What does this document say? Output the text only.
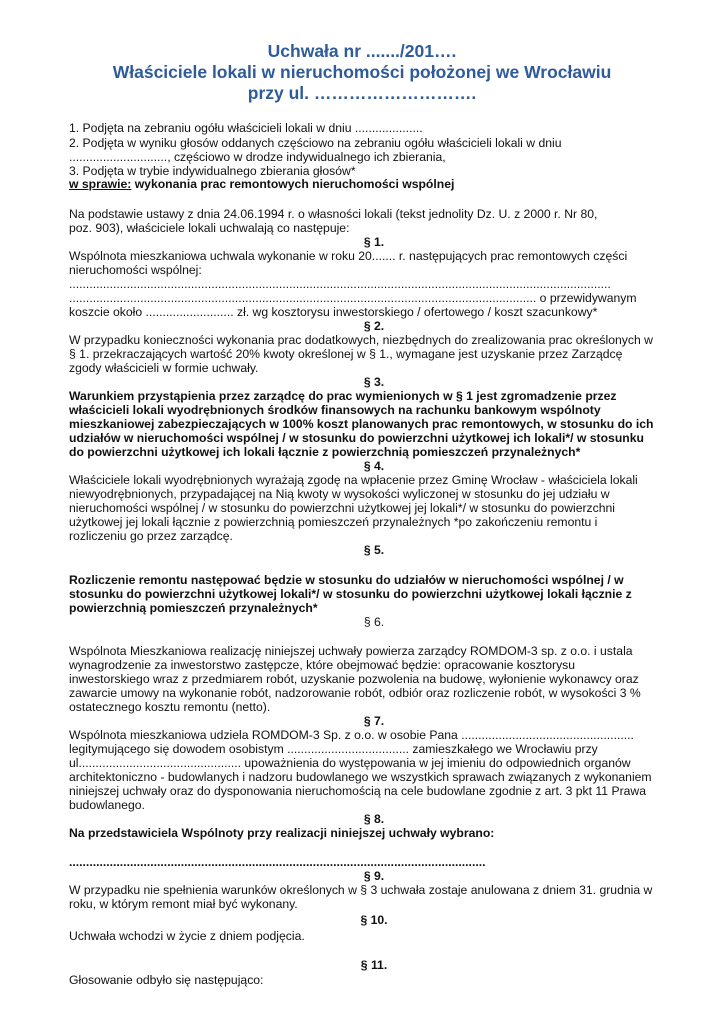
Uchwała nr ......./201….
Właściciele lokali w nieruchomości położonej we Wrocławiu
przy ul. ……………………….
1. Podjęta na zebraniu ogółu właścicieli lokali w dniu ....................
2. Podjęta w wyniku głosów oddanych częściowo na zebraniu ogółu właścicieli lokali w dniu
............................., częściowo w drodze indywidualnego ich zbierania,
3. Podjęta w trybie indywidualnego zbierania głosów*
w sprawie: wykonania prac remontowych nieruchomości wspólnej
Na podstawie ustawy z dnia 24.06.1994 r. o własności lokali (tekst jednolity Dz. U. z 2000 r. Nr 80,
poz. 903), właściciele lokali uchwalają co następuje:
§ 1.
Wspólnota mieszkaniowa uchwala wykonanie w roku 20....... r. następujących prac remontowych części
nieruchomości wspólnej:
................................................................................................................................................................
.......................................................................................................................................... o przewidywanym
koszcie około .......................... zł. wg kosztorysu inwestorskiego / ofertowego / koszt szacunkowy*
§ 2.
W przypadku konieczności wykonania prac dodatkowych, niezbędnych do zrealizowania prac określonych w
§ 1. przekraczających wartość 20% kwoty określonej w § 1., wymagane jest uzyskanie przez Zarządcę
zgody właścicieli w formie uchwały.
§ 3.
Warunkiem przystąpienia przez zarządcę do prac wymienionych w § 1 jest zgromadzenie przez
właścicieli lokali wyodrębnionych środków finansowych na rachunku bankowym wspólnoty
mieszkaniowej zabezpieczających w 100% koszt planowanych prac remontowych, w stosunku do ich
udziałów w nieruchomości wspólnej / w stosunku do powierzchni użytkowej ich lokali*/ w stosunku
do powierzchni użytkowej ich lokali łącznie z powierzchnią pomieszczeń przynależnych*
§ 4.
Właściciele lokali wyodrębnionych wyrażają zgodę na wpłacenie przez Gminę Wrocław - właściciela lokali
niewyodrębnionych, przypadającej na Nią kwoty w wysokości wyliczonej w stosunku do jej udziału w
nieruchomości wspólnej / w stosunku do powierzchni użytkowej jej lokali*/ w stosunku do powierzchni
użytkowej jej lokali łącznie z powierzchnią pomieszczeń przynależnych *po zakończeniu remontu i
rozliczeniu go przez zarządcę.
§ 5.
Rozliczenie remontu następować będzie w stosunku do udziałów w nieruchomości wspólnej / w
stosunku do powierzchni użytkowej lokali*/ w stosunku do powierzchni użytkowej lokali łącznie z
powierzchnią pomieszczeń przynależnych*
§ 6.
Wspólnota Mieszkaniowa realizację niniejszej uchwały powierza zarządcy ROMDOM-3 sp. z o.o. i ustala
wynagrodzenie za inwestorstwo zastępcze, które obejmować będzie: opracowanie kosztorysu
inwestorskiego wraz z przedmiarem robót, uzyskanie pozwolenia na budowę, wyłonienie wykonawcy oraz
zawarcie umowy na wykonanie robót, nadzorowanie robót, odbiór oraz rozliczenie robót, w wysokości 3 %
ostatecznego kosztu remontu (netto).
§ 7.
Wspólnota mieszkaniowa udziela ROMDOM-3 Sp. z o.o. w osobie Pana ...................................................
legitymującego się dowodem osobistym .................................... zamieszkałego we Wrocławiu przy
ul................................................ upoważnienia do występowania w jej imieniu do odpowiednich organów
architektoniczno - budowlanych i nadzoru budowlanego we wszystkich sprawach związanych z wykonaniem
niniejszej uchwały oraz do dysponowania nieruchomością na cele budowlane zgodnie z art. 3 pkt 11 Prawa
budowlanego.
§ 8.
Na przedstawiciela Wspólnoty przy realizacji niniejszej uchwały wybrano:
...........................................................................................................................
§ 9.
W przypadku nie spełnienia warunków określonych w § 3 uchwała zostaje anulowana z dniem 31. grudnia w
roku, w którym remont miał być wykonany.
§ 10.
Uchwała wchodzi w życie z dniem podjęcia.
§ 11.
Głosowanie odbyło się następująco:
